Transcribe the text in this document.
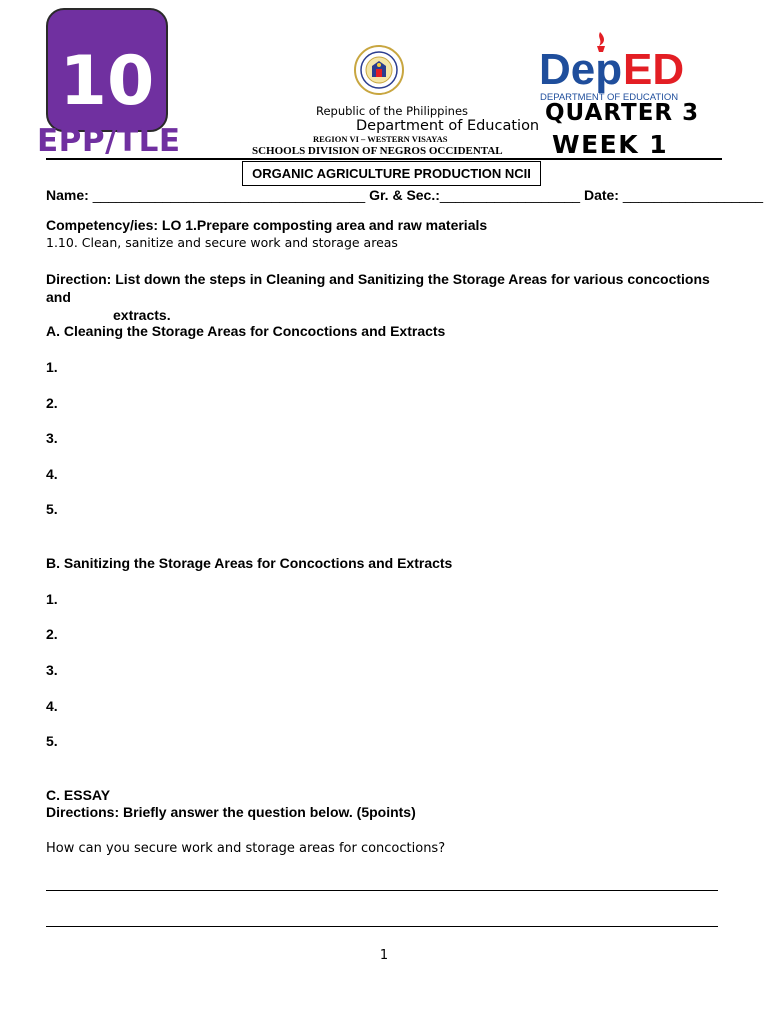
10
EPP/TLE
Republic of the Philippines
Department of Education
REGION VI – WESTERN VISAYAS
SCHOOLS DIVISION OF NEGROS OCCIDENTAL
Dep ED
DEPARTMENT OF EDUCATION
QUARTER 3
WEEK 1
ORGANIC AGRICULTURE PRODUCTION NCII
Name: ___________________________________ Gr. & Sec.:__________________ Date: __________________
Competency/ies: LO 1.Prepare composting area and raw materials
1.10. Clean, sanitize and secure work and storage areas
Direction: List down the steps in Cleaning and Sanitizing the Storage Areas for various concoctions and
extracts.
A. Cleaning the Storage Areas for Concoctions and Extracts
1.
2.
3.
4.
5.
B. Sanitizing the Storage Areas for Concoctions and Extracts
1.
2.
3.
4.
5.
C. ESSAY
Directions: Briefly answer the question below. (5points)
How can you secure work and storage areas for concoctions?
1
